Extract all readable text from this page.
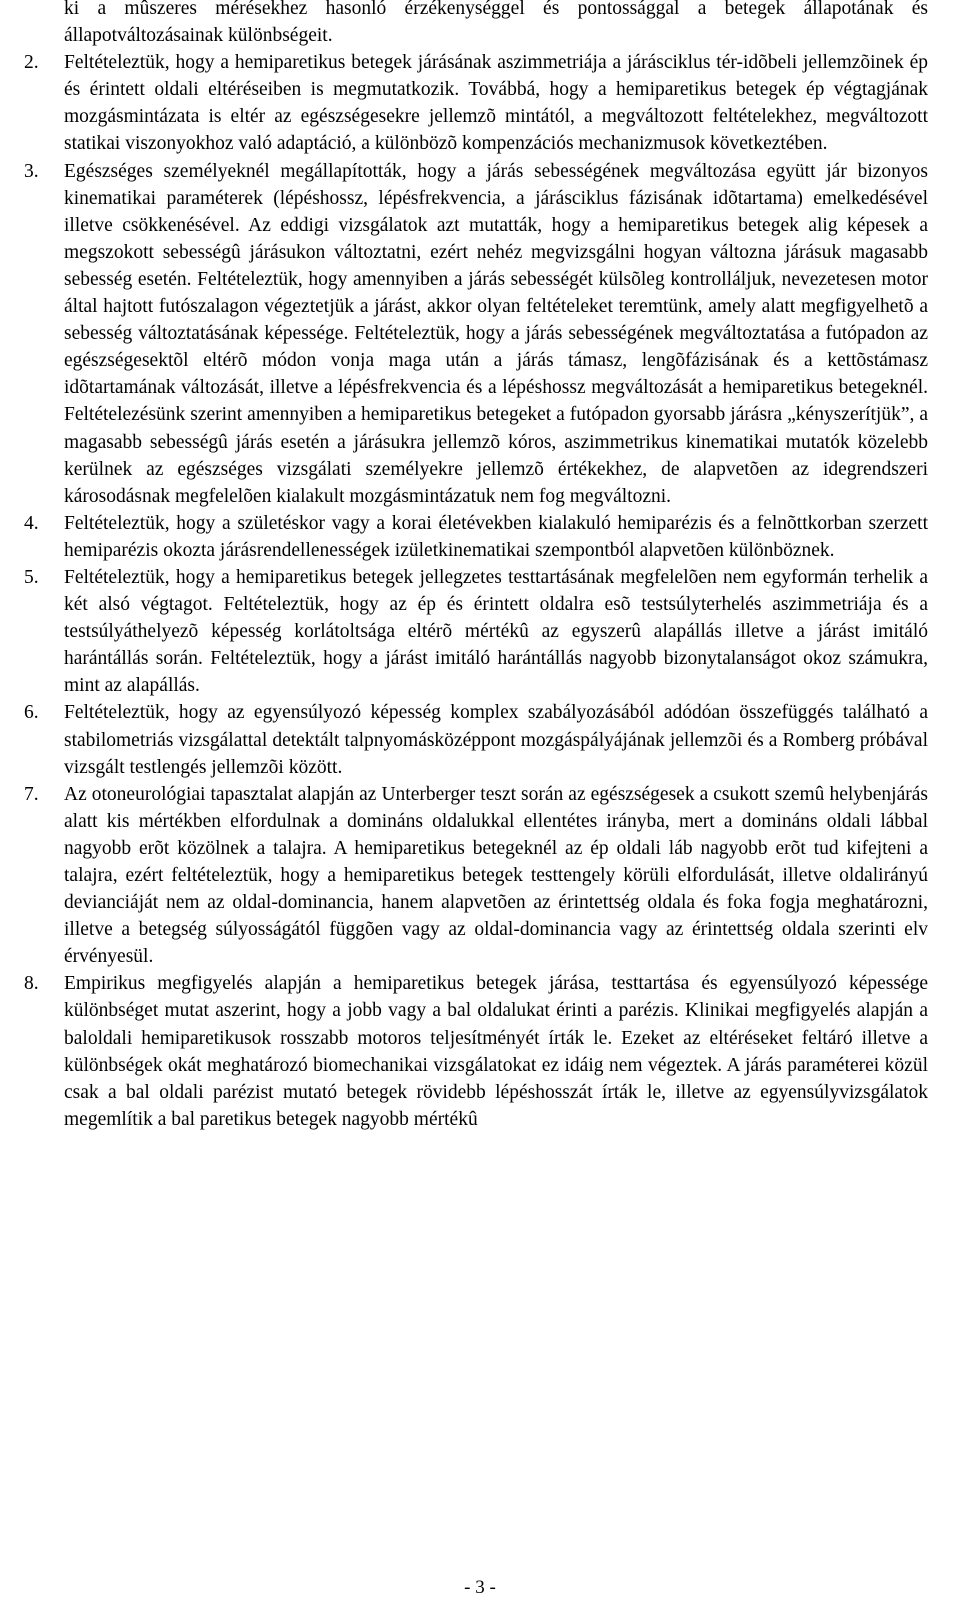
ki a mûszeres mérésekhez hasonló érzékenységgel és pontossággal a betegek állapotának és állapotváltozásainak különbségeit.

2. Feltételeztük, hogy a hemiparetikus betegek járásának aszimmetriája a járásciklus tér-idõbeli jellemzõinek ép és érintett oldali eltéréseiben is megmutatkozik. Továbbá, hogy a hemiparetikus betegek ép végtagjának mozgásmintázata is eltér az egészségesekre jellemzõ mintától, a megváltozott feltételekhez, megváltozott statikai viszonyokhoz való adaptáció, a különbözõ kompenzációs mechanizmusok következtében.

3. Egészséges személyeknél megállapították, hogy a járás sebességének megváltozása együtt jár bizonyos kinematikai paraméterek (lépéshossz, lépésfrekvencia, a járásciklus fázisának idõtartama) emelkedésével illetve csökkenésével. Az eddigi vizsgálatok azt mutatták, hogy a hemiparetikus betegek alig képesek a megszokott sebességû járásukon változtatni, ezért nehéz megvizsgálni hogyan változna járásuk magasabb sebesség esetén. Feltételeztük, hogy amennyiben a járás sebességét külsõleg kontrolláljuk, nevezetesen motor által hajtott futószalagon végeztetjük a járást, akkor olyan feltételeket teremtünk, amely alatt megfigyelhetõ a sebesség változtatásának képessége. Feltételeztük, hogy a járás sebességének megváltoztatása a futópadon az egészségesektõl eltérõ módon vonja maga után a járás támasz, lengõfázisának és a kettõstámasz idõtartamának változását, illetve a lépésfrekvencia és a lépéshossz megváltozását a hemiparetikus betegeknél. Feltételezésünk szerint amennyiben a hemiparetikus betegeket a futópadon gyorsabb járásra „kényszerítjük”, a magasabb sebességû járás esetén a járásukra jellemzõ kóros, aszimmetrikus kinematikai mutatók közelebb kerülnek az egészséges vizsgálati személyekre jellemzõ értékekhez, de alapvetõen az idegrendszeri károsodásnak megfelelõen kialakult mozgásmintázatuk nem fog megváltozni.

4. Feltételeztük, hogy a születéskor vagy a korai életévekben kialakuló hemiparézis és a felnõttkorban szerzett hemiparézis okozta járásrendellenességek izületkinematikai szempontból alapvetõen különböznek.

5. Feltételeztük, hogy a hemiparetikus betegek jellegzetes testtartásának megfelelõen nem egyformán terhelik a két alsó végtagot. Feltételeztük, hogy az ép és érintett oldalra esõ testsúlyterhelés aszimmetriája és a testsúlyáthelyezõ képesség korlátoltsága eltérõ mértékû az egyszerû alapállás illetve a járást imitáló harántállás során. Feltételeztük, hogy a járást imitáló harántállás nagyobb bizonytalanságot okoz számukra, mint az alapállás.

6. Feltételeztük, hogy az egyensúlyozó képesség komplex szabályozásából adódóan összefüggés található a stabilometriás vizsgálattal detektált talpnyomásközéppont mozgáspályájának jellemzõi és a Romberg próbával vizsgált testlengés jellemzõi között.

7. Az otoneurológiai tapasztalat alapján az Unterberger teszt során az egészségesek a csukott szemû helybenjárás alatt kis mértékben elfordulnak a domináns oldalukkal ellentétes irányba, mert a domináns oldali lábbal nagyobb erõt közölnek a talajra. A hemiparetikus betegeknél az ép oldali láb nagyobb erõt tud kifejteni a talajra, ezért feltételeztük, hogy a hemiparetikus betegek testtengely körüli elfordulását, illetve oldalirányú devianciáját nem az oldal-dominancia, hanem alapvetõen az érintettség oldala és foka fogja meghatározni, illetve a betegség súlyosságától függõen vagy az oldal-dominancia vagy az érintettség oldala szerinti elv érvényesül.

8. Empirikus megfigyelés alapján a hemiparetikus betegek járása, testtartása és egyensúlyozó képessége különbséget mutat aszerint, hogy a jobb vagy a bal oldalukat érinti a parézis. Klinikai megfigyelés alapján a baloldali hemiparetikusok rosszabb motoros teljesítményét írták le. Ezeket az eltéréseket feltáró illetve a különbségek okát meghatározó biomechanikai vizsgálatokat ez idáig nem végeztek. A járás paraméterei közül csak a bal oldali parézist mutató betegek rövidebb lépéshosszát írták le, illetve az egyensúlyvizsgálatok megemlítik a bal paretikus betegek nagyobb mértékû

- 3 -
